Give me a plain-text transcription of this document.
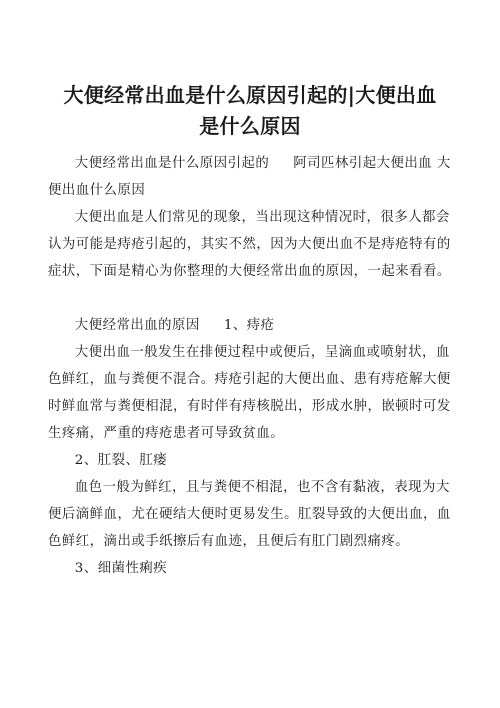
大便经常出血是什么原因引起的|大便出血
是什么原因

大便经常出血是什么原因引起的 阿司匹林引起大便出血 大便出血什么原因

大便出血是人们常见的现象，当出现这种情况时，很多人都会认为可能是痔疮引起的，其实不然，因为大便出血不是痔疮特有的症状，下面是精心为你整理的大便经常出血的原因，一起来看看。

大便经常出血的原因 1、痔疮

大便出血一般发生在排便过程中或便后，呈滴血或喷射状，血色鲜红，血与粪便不混合。痔疮引起的大便出血、患有痔疮解大便时鲜血常与粪便相混，有时伴有痔核脱出，形成水肿，嵌顿时可发生疼痛，严重的痔疮患者可导致贫血。

2、肛裂、肛瘘

血色一般为鲜红，且与粪便不相混，也不含有黏液，表现为大便后滴鲜血，尤在硬结大便时更易发生。肛裂导致的大便出血，血色鲜红，滴出或手纸擦后有血迹，且便后有肛门剧烈痛疼。

3、细菌性痢疾
